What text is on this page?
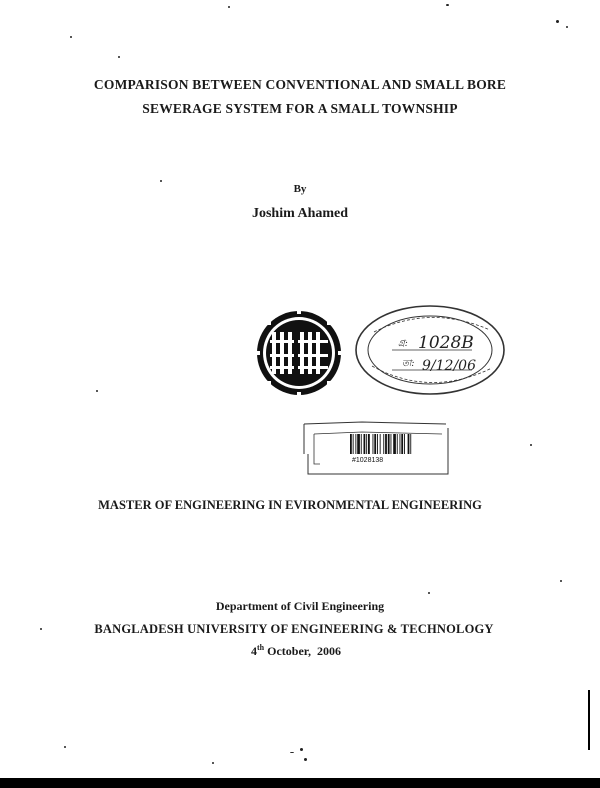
COMPARISON BETWEEN CONVENTIONAL AND SMALL BORE
SEWERAGE SYSTEM FOR A SMALL TOWNSHIP
By
Joshim Ahamed
গ্র:
তা:
1028B
9/12/06
#1028138
MASTER OF ENGINEERING IN EVIRONMENTAL ENGINEERING
Department of Civil Engineering
BANGLADESH UNIVERSITY OF ENGINEERING & TECHNOLOGY
4th October,  2006
